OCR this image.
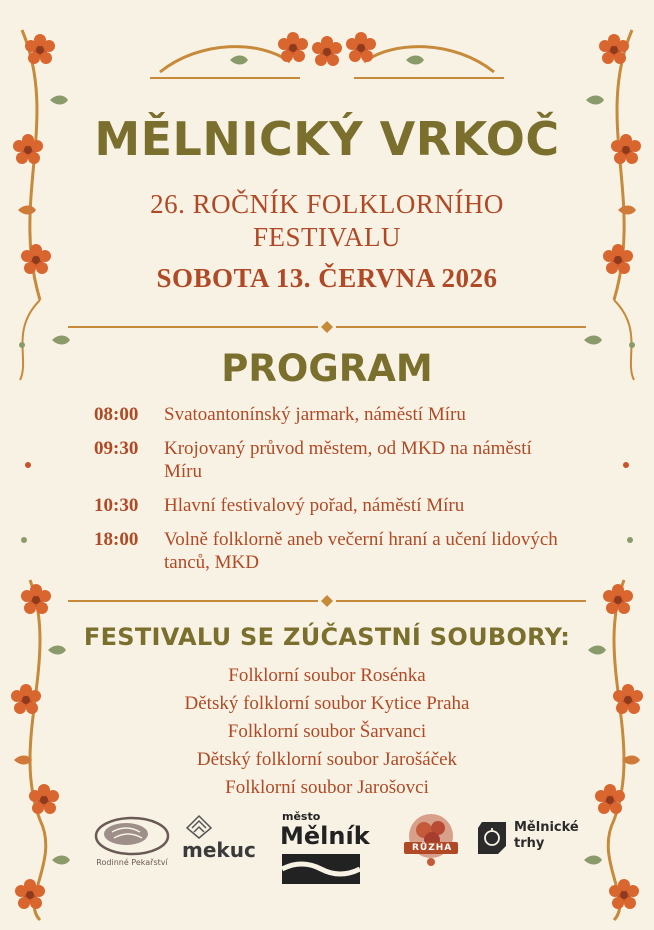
MĚLNICKÝ VRKOČ
26. ROČNÍK FOLKLORNÍHO FESTIVALU
SOBOTA 13. ČERVNA 2026
PROGRAM
08:00	Svatoantonínský jarmark, náměstí Míru
09:30	Krojovaný průvod městem, od MKD na náměstí Míru
10:30	Hlavní festivalový pořad, náměstí Míru
18:00	Volně folklorně aneb večerní hraní a učení lidových tanců, MKD
FESTIVALU SE ZÚČASTNÍ SOUBORY:
Folklorní soubor Rosénka
Dětský folklorní soubor Kytice Praha
Folklorní soubor Šarvanci
Dětský folklorní soubor Jarošáček
Folklorní soubor Jarošovci
Rodinné Pekařství
mekuc
město
Mělník	RŮZHA
Mělnické
trhy
